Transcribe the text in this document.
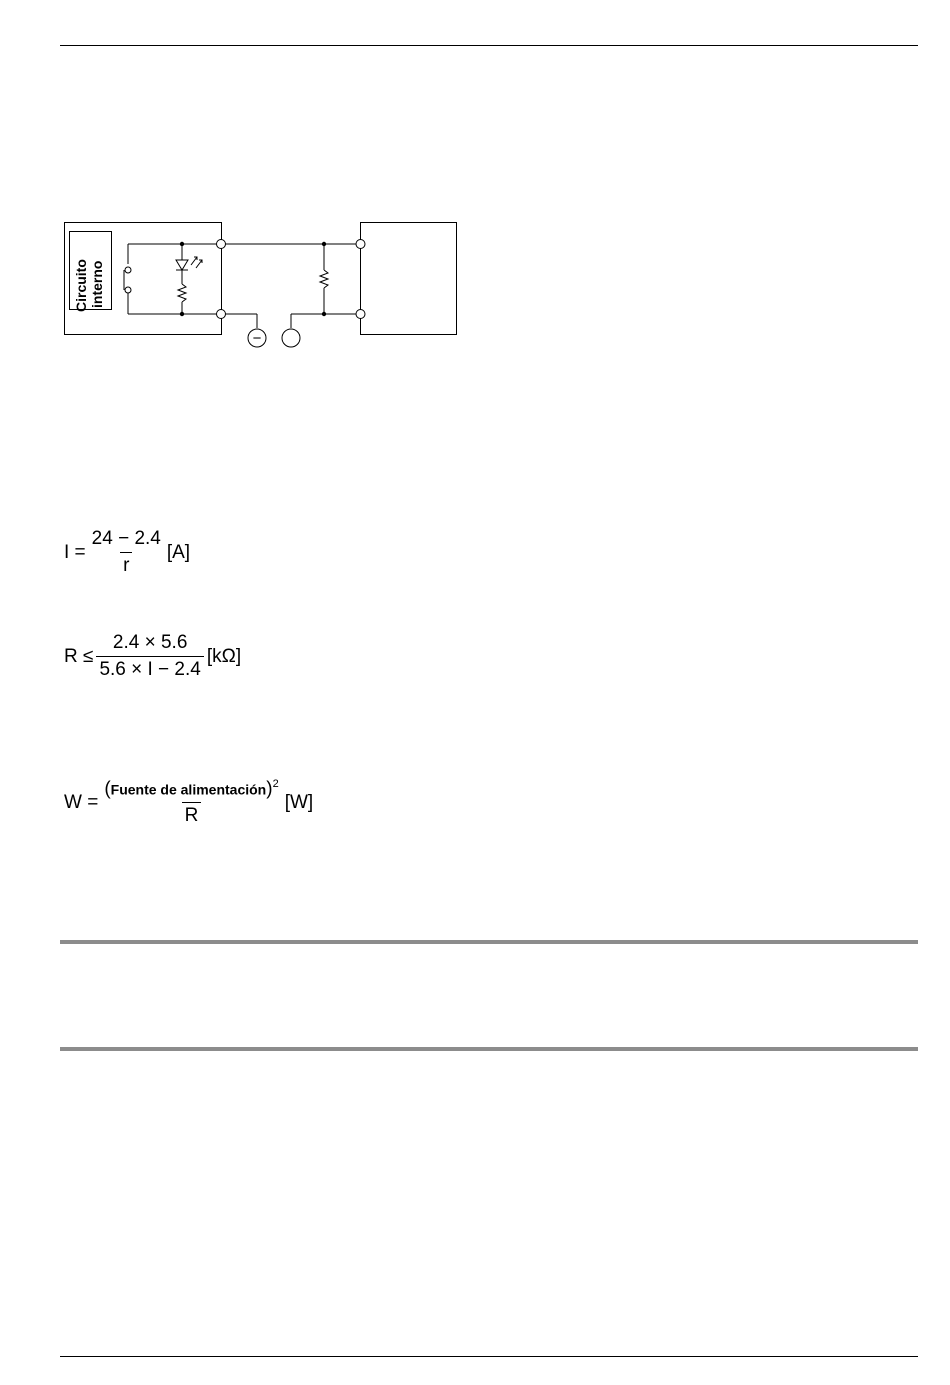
−
Circuito interno
$I = \frac{24 - 2.4}{r} [A]$
$R \le \frac{2.4 \times 5.6}{5.6 \times I - 2.4} [k\Omega]$
$W = \frac{(Fuente de alimentación)^2}{R} [W]$
